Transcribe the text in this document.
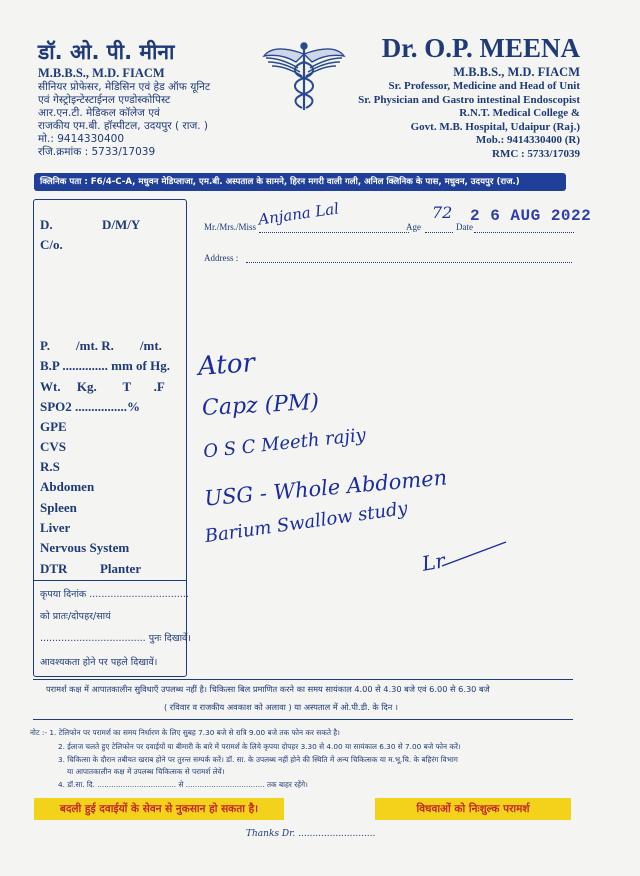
डॉ. ओ. पी. मीना
M.B.B.S., M.D. FIACM
सीनियर प्रोफेसर, मेडिसिन एवं हेड ऑफ यूनिट
एवं गेस्ट्रोइन्टेस्टाईनल एण्डोस्कोपिस्ट
आर.एन.टी. मेडिकल कॉलेज एवं
राजकीय एम.बी. हॉस्पीटल, उदयपुर ( राज. )
मो.: 9414330400
रजि.क्रमांक : 5733/17039
Dr. O.P. MEENA
M.B.B.S., M.D. FIACM
Sr. Professor, Medicine and Head of Unit
Sr. Physician and Gastro intestinal Endoscopist
R.N.T. Medical College &
Govt. M.B. Hospital, Udaipur (Raj.)
Mob.: 9414330400 (R)
RMC : 5733/17039
क्लिनिक पता : F6/4-C-A, मधुवन मेडिप्लाजा, एम.बी. अस्पताल के सामने, हिरन मगरी वाली गली, अनिल क्लिनिक के पास, मधुवन, उदयपुर (राज.)
D.	D/M/Y
C/o.
P.        /mt. R.        /mt.
B.P .............. mm of Hg.
Wt.     Kg.        T       .F
SPO2 ................%
GPE
CVS
R.S
Abdomen
Spleen
Liver
Nervous System
DTR          Planter
कृपया दिनांक .................................
को प्रातः/दोपहर/सायं
................................... पुनः दिखावें।
आवश्यकता होने पर पहले दिखावें।
Mr./Mrs./Miss Anjana Lal	Age
72
Date
2 6 AUG 2022
Address :
Ator
Capz (PM)
O S C Meeth rajiy
USG - Whole Abdomen
Barium Swallow study
Lr
परामर्श कक्ष में आपातकालीन सुविधाएँ उपलब्ध नहीं है। चिकित्सा बिल प्रमाणित करने का समय सायंकाल 4.00 से 4.30 बजे एवं 6.00 से 6.30 बजे
( रविवार व राजकीय अवकाश को अलावा ) या अस्पताल में ओ.पी.डी. के दिन ।
नोट :- 1. टेलिफोन पर परामर्श का समय निर्धारण के लिए सुबह 7.30 बजे से रात्रि 9.00 बजे तक फोन कर सकते है।
2. ईलाज चलते हुए टेलिफोन पर दवाईयों या बीमारी के बारे में परामर्श के लिये कृपया दोपहर 3.30 से 4.00 या सायंकाल 6.30 से 7.00 बजे फोन करें।
3. चिकित्सा के दौरान तबीयत खराब होने पर तुरन्त सम्पर्क करें। डॉ. सा. के उपलब्ध नहीं होने की स्थिति में अन्य चिकित्सक या म.भू.चि. के बहिरंग विभाग
या आपातकालीन कक्ष में उपलब्ध चिकित्सक से परामर्श लेवें।
4. डॉ.सा. दि. .................................. से .................................. तक बाहर रहेंगे।
बदली हुई दवाईयों के सेवन से नुकसान हो सकता है।	विधवाओं को निःशुल्क परामर्श
Thanks Dr. ...........................
